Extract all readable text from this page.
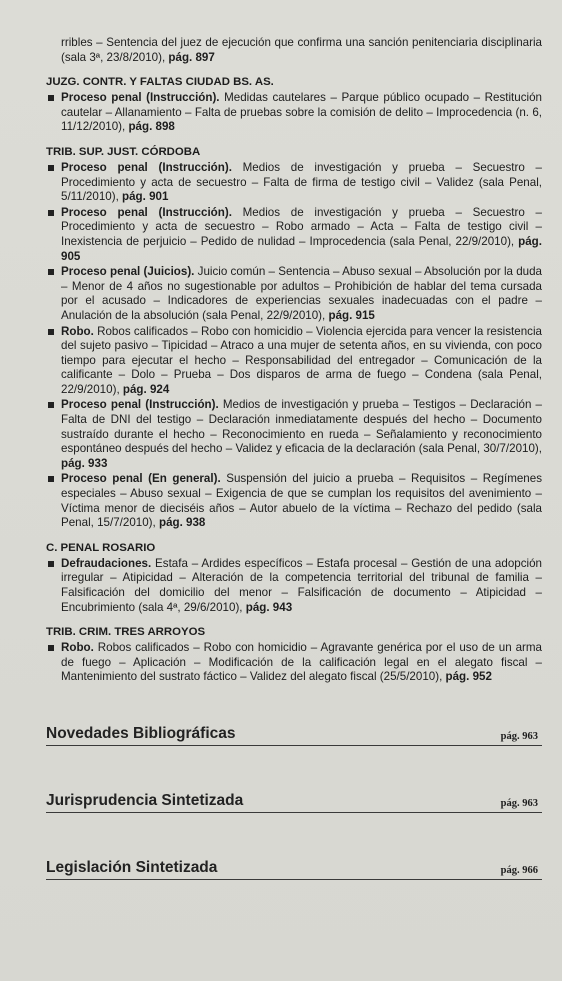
rribles – Sentencia del juez de ejecución que confirma una sanción penitenciaria disciplinaria (sala 3ª, 23/8/2010), pág. 897
JUZG. CONTR. Y FALTAS CIUDAD BS. AS.
Proceso penal (Instrucción). Medidas cautelares – Parque público ocupado – Restitución cautelar – Allanamiento – Falta de pruebas sobre la comisión de delito – Improcedencia (n. 6, 11/12/2010), pág. 898
TRIB. SUP. JUST. CÓRDOBA
Proceso penal (Instrucción). Medios de investigación y prueba – Secuestro – Procedimiento y acta de secuestro – Falta de firma de testigo civil – Validez (sala Penal, 5/11/2010), pág. 901
Proceso penal (Instrucción). Medios de investigación y prueba – Secuestro – Procedimiento y acta de secuestro – Robo armado – Acta – Falta de testigo civil – Inexistencia de perjuicio – Pedido de nulidad – Improcedencia (sala Penal, 22/9/2010), pág. 905
Proceso penal (Juicios). Juicio común – Sentencia – Abuso sexual – Absolución por la duda – Menor de 4 años no sugestionable por adultos – Prohibición de hablar del tema cursada por el acusado – Indicadores de experiencias sexuales inadecuadas con el padre – Anulación de la absolución (sala Penal, 22/9/2010), pág. 915
Robo. Robos calificados – Robo con homicidio – Violencia ejercida para vencer la resistencia del sujeto pasivo – Tipicidad – Atraco a una mujer de setenta años, en su vivienda, con poco tiempo para ejecutar el hecho – Responsabilidad del entregador – Comunicación de la calificante – Dolo – Prueba – Dos disparos de arma de fuego – Condena (sala Penal, 22/9/2010), pág. 924
Proceso penal (Instrucción). Medios de investigación y prueba – Testigos – Declaración – Falta de DNI del testigo – Declaración inmediatamente después del hecho – Documento sustraído durante el hecho – Reconocimiento en rueda – Señalamiento y reconocimiento espontáneo después del hecho – Validez y eficacia de la declaración (sala Penal, 30/7/2010), pág. 933
Proceso penal (En general). Suspensión del juicio a prueba – Requisitos – Regímenes especiales – Abuso sexual – Exigencia de que se cumplan los requisitos del avenimiento – Víctima menor de dieciséis años – Autor abuelo de la víctima – Rechazo del pedido (sala Penal, 15/7/2010), pág. 938
C. PENAL ROSARIO
Defraudaciones. Estafa – Ardides específicos – Estafa procesal – Gestión de una adopción irregular – Atipicidad – Alteración de la competencia territorial del tribunal de familia – Falsificación del domicilio del menor – Falsificación de documento – Atipicidad – Encubrimiento (sala 4ª, 29/6/2010), pág. 943
TRIB. CRIM. TRES ARROYOS
Robo. Robos calificados – Robo con homicidio – Agravante genérica por el uso de un arma de fuego – Aplicación – Modificación de la calificación legal en el alegato fiscal – Mantenimiento del sustrato fáctico – Validez del alegato fiscal (25/5/2010), pág. 952
Novedades Bibliográficas	pág. 963
Jurisprudencia Sintetizada	pág. 963
Legislación Sintetizada	pág. 966
